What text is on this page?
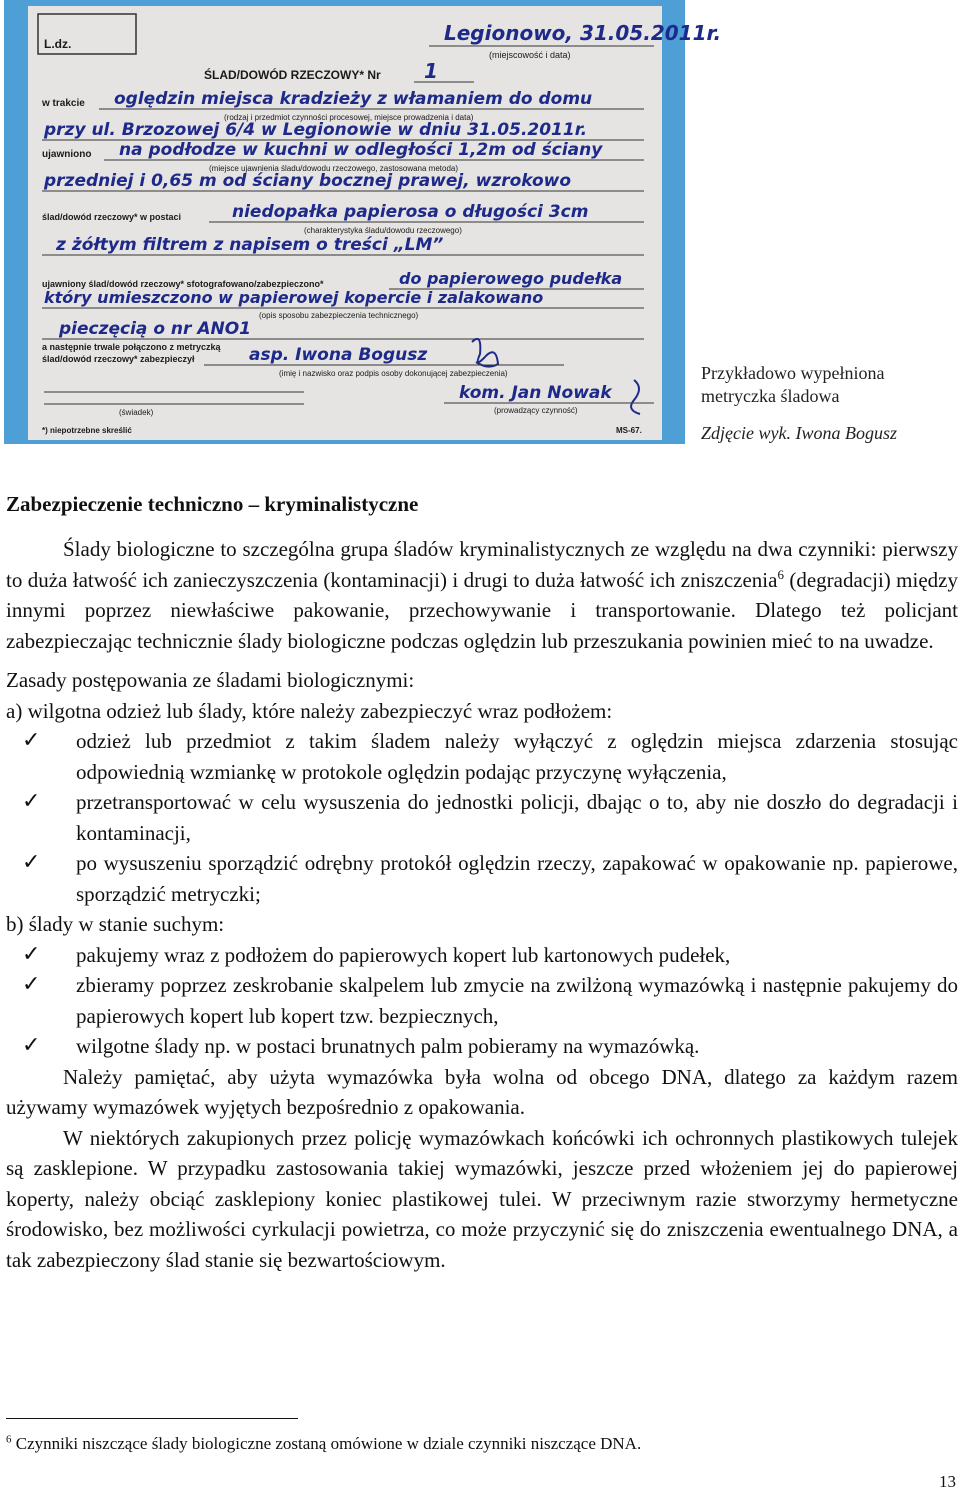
L.dz.
ŚLAD/DOWÓD RZECZOWY* Nr 1
Legionowo, 31.05.2011r.
(miejscowość i data)
w trakcie oględzin miejsca kradzieży z włamaniem do domu
(rodzaj i przedmiot czynności procesowej, miejsce prowadzenia i data)
przy ul. Brzozowej 6/4 w Legionowie w dniu 31.05.2011r.
ujawniono na podłodze w kuchni w odległości 1,2m od ściany
(miejsce ujawnienia śladu/dowodu rzeczowego, zastosowana metoda)
przedniej i 0,65 m od ściany bocznej prawej, wzrokowo
ślad/dowód rzeczowy* w postaci	niedopałka papierosa o długości 3cm
(charakterystyka śladu/dowodu rzeczowego)
z żółtym filtrem z napisem o treści „LM”
ujawniony ślad/dowód rzeczowy* sfotografowano/zabezpieczono*	do papierowego pudełka
który umieszczono w papierowej kopercie i zalakowano
(opis sposobu zabezpieczenia technicznego)
pieczęcią o nr ANO1
a następnie trwale połączono z metryczką
ślad/dowód rzeczowy* zabezpieczył	asp. Iwona Bogusz
(imię i nazwisko oraz podpis osoby dokonującej zabezpieczenia)
(świadek)
kom. Jan Nowak
(prowadzący czynność)
*) niepotrzebne skreślić	MS-67.
Przykładowo wypełniona metryczka śladowa
Zdjęcie wyk. Iwona Bogusz
Zabezpieczenie techniczno – kryminalistyczne

Ślady biologiczne to szczególna grupa śladów kryminalistycznych ze względu na dwa czynniki: pierwszy to duża łatwość ich zanieczyszczenia (kontaminacji) i drugi to duża łatwość ich zniszczenia$^6$ (degradacji) między innymi poprzez niewłaściwe pakowanie, przechowywanie i transportowanie. Dlatego też policjant zabezpieczając technicznie ślady biologiczne podczas oględzin lub przeszukania powinien mieć to na uwadze.

Zasady postępowania ze śladami biologicznymi:

a) wilgotna odzież lub ślady, które należy zabezpieczyć wraz podłożem:

✓ odzież lub przedmiot z takim śladem należy wyłączyć z oględzin miejsca zdarzenia stosując odpowiednią wzmiankę w protokole oględzin podając przyczynę wyłączenia,
✓ przetransportować w celu wysuszenia do jednostki policji, dbając o to, aby nie doszło do degradacji i kontaminacji,
✓ po wysuszeniu sporządzić odrębny protokół oględzin rzeczy, zapakować w opakowanie np. papierowe, sporządzić metryczki;

b) ślady w stanie suchym:

✓ pakujemy wraz z podłożem do papierowych kopert lub kartonowych pudełek,
✓ zbieramy poprzez zeskrobanie skalpelem lub zmycie na zwilżoną wymazówką i następnie pakujemy do papierowych kopert lub kopert tzw. bezpiecznych,
✓ wilgotne ślady np. w postaci brunatnych palm pobieramy na wymazówką.

Należy pamiętać, aby użyta wymazówka była wolna od obcego DNA, dlatego za każdym razem używamy wymazówek wyjętych bezpośrednio z opakowania.

W niektórych zakupionych przez policję wymazówkach końcówki ich ochronnych plastikowych tulejek są zasklepione. W przypadku zastosowania takiej wymazówki, jeszcze przed włożeniem jej do papierowej koperty, należy obciąć zasklepiony koniec plastikowej tulei. W przeciwnym razie stworzymy hermetyczne środowisko, bez możliwości cyrkulacji powietrza, co może przyczynić się do zniszczenia ewentualnego DNA, a tak zabezpieczony ślad stanie się bezwartościowym.

$^6$ Czynniki niszczące ślady biologiczne zostaną omówione w dziale czynniki niszczące DNA.
13
